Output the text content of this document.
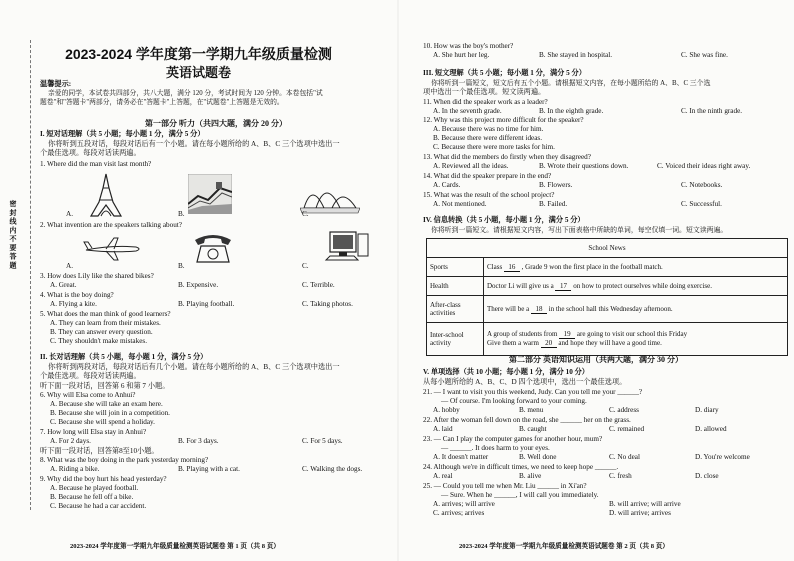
2023-2024 学年度第一学期九年级质量检测
英语试题卷
温馨提示:
亲爱的同学，本试卷共四部分，共八大题，满分 120 分，考试时间为 120 分钟。本卷包括"试
题卷"和"答题卡"两部分，请务必在"答题卡"上答题，在"试题卷"上答题是无效的。
密 封 线 内 不 要 答 题
第一部分 听力（共四大题，满分 20 分）
I. 短对话理解（共 5 小题；每小题 1 分，满分 5 分）
你将听到五段对话，每段对话后有一个小题。请在每小题所给的 A、B、C 三个选项中选出一
个最佳选项。每段对话读两遍。
1. Where did the man visit last month?
A.	B.	C.
2. What invention are the speakers talking about?
A.	B.	C.
3. How does Lily like the shared bikes?
A. Great.	B. Expensive.	C. Terrible.
4. What is the boy doing?
A. Flying a kite.	B. Playing football.	C. Taking photos.
5. What does the man think of good learners?
A. They can learn from their mistakes.
B. They can answer every question.
C. They shouldn't make mistakes.
II. 长对话理解（共 5 小题，每小题 1 分，满分 5 分）
你将听到两段对话，每段对话后有几个小题。请在每小题所给的 A、B、C 三个选项中选出一
个最佳选项。每段对话读两遍。
听下面一段对话，回答第 6 和第 7 小题。
6. Why will Elsa come to Anhui?
A. Because she will take an exam here.
B. Because she will join in a competition.
C. Because she will spend a holiday.
7. How long will Elsa stay in Anhui?
A. For 2 days.	B. For 3 days.	C. For 5 days.
听下面一段对话，回答第8至10小题。
8. What was the boy doing in the park yesterday morning?
A. Riding a bike.	B. Playing with a cat.	C. Walking the dogs.
9. Why did the boy hurt his head yesterday?
A. Because he played football.
B. Because he fell off a bike.
C. Because he had a car accident.
2023-2024 学年度第一学期九年级质量检测英语试题卷 第 1 页（共 8 页）
10. How was the boy's mother?
A. She hurt her leg.	B. She stayed in hospital.	C. She was fine.
III. 短文理解（共 5 小题；每小题 1 分，满分 5 分）
你将听到一篇短文，短文后有五个小题。请根据短文内容，在每小题所给的 A、B、C 三个选
项中选出一个最佳选项。短文读两遍。
11. When did the speaker work as a leader?
A. In the seventh grade.	B. In the eighth grade.	C. In the ninth grade.
12. Why was this project more difficult for the speaker?
A. Because there was no time for him.
B. Because there were different ideas.
C. Because there were more tasks for him.
13. What did the members do firstly when they disagreed?
A. Reviewed all the ideas.	B. Wrote their questions down.	C. Voiced their ideas right away.
14. What did the speaker prepare in the end?
A. Cards.	B. Flowers.	C. Notebooks.
15. What was the result of the school project?
A. Not mentioned.	B. Failed.	C. Successful.
IV. 信息转换（共 5 小题，每小题 1 分，满分 5 分）
你将听到一篇短文。请根据短文内容，写出下面表格中所缺的单词，每空仅填一词。短文读两遍。
School News	
Sports	Class 16 , Grade 9 won the first place in the football match.
Health	Doctor Li will give us a 17 on how to protect ourselves while doing exercise.
After-class activities	There will be a 18 in the school hall this Wednesday afternoon.
Inter-school activity	A group of students from 19 are going to visit our school this Friday
Give them a warm 20 and hope they will have a good time.
第二部分 英语知识运用（共两大题，满分 30 分）
V. 单项选择（共 10 小题；每小题 1 分，满分 10 分）
从每小题所给的 A、B、C、D 四个选项中，选出一个最佳选项。
21. — I want to visit you this weekend, Judy. Can you tell me your ______?
— Of course. I'm looking forward to your coming.
A. hobby	B. menu	C. address	D. diary
22. After the woman fell down on the road, she ______ her on the grass.
A. laid	B. caught	C. remained	D. allowed
23. — Can I play the computer games for another hour, mum?
— ______. It does harm to your eyes.
A. It doesn't matter	B. Well done	C. No deal	D. You're welcome
24. Although we're in difficult times, we need to keep hope ______.
A. real	B. alive	C. fresh	D. close
25. — Could you tell me when Mr. Liu ______ in Xi'an?
— Sure. When he ______, I will call you immediately.
A. arrives; will arrive	B. will arrive; will arrive
C. arrives; arrives	D. will arrive; arrives
2023-2024 学年度第一学期九年级质量检测英语试题卷 第 2 页（共 8 页）
